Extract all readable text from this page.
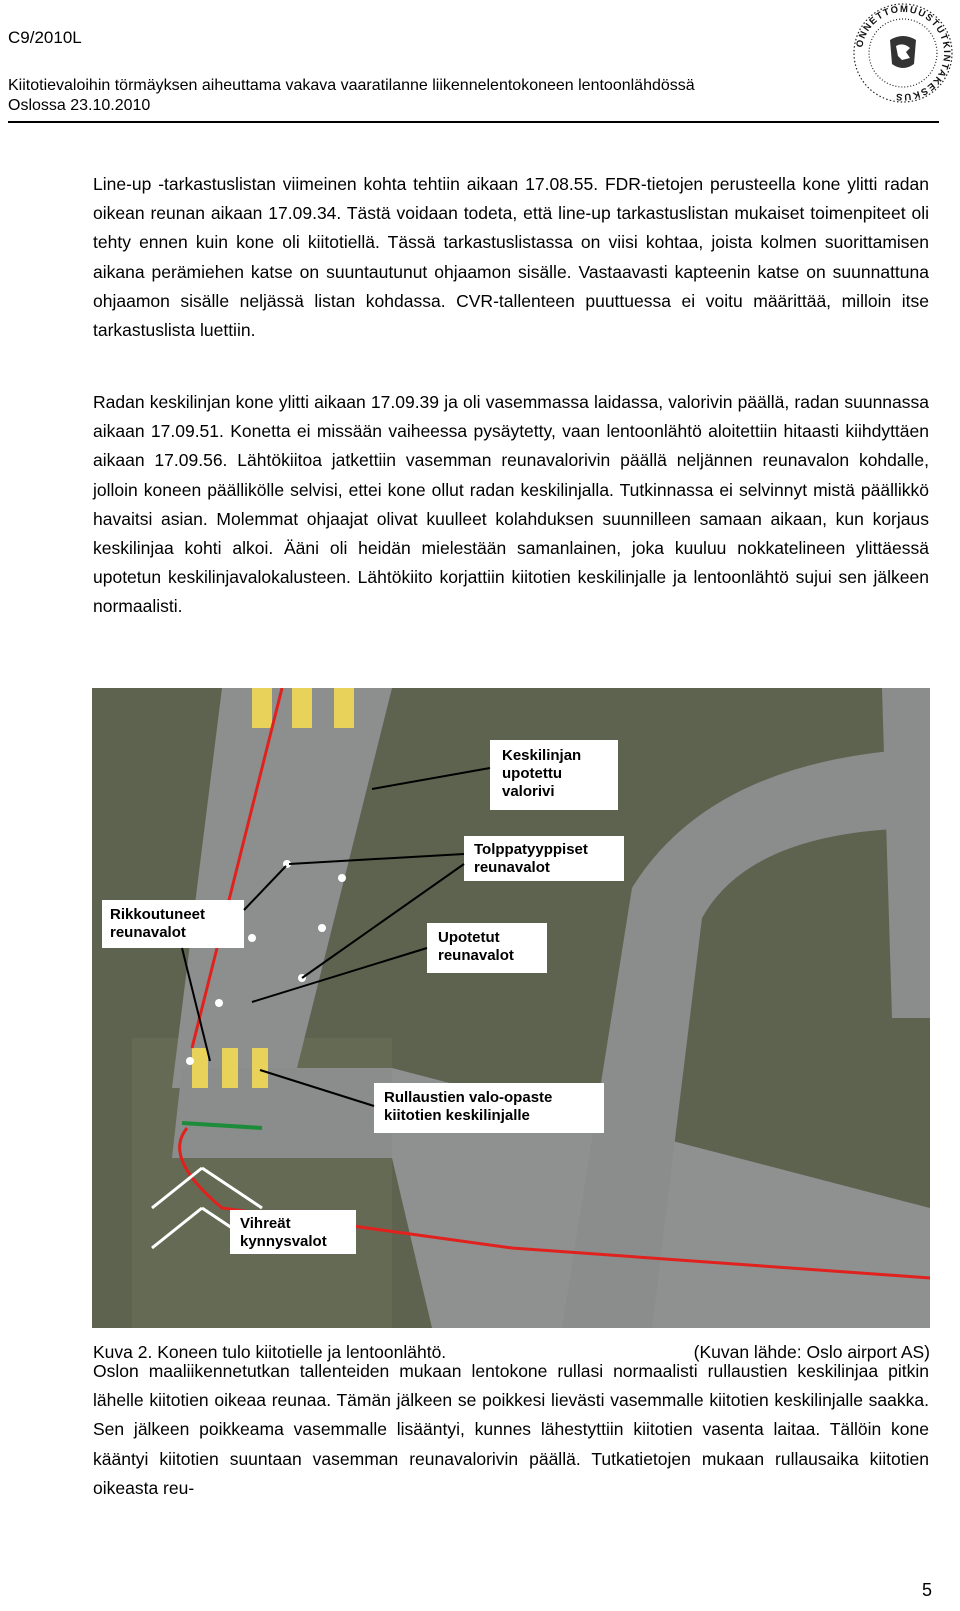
C9/2010L
Kiitotievaloihin törmäyksen aiheuttama vakava vaaratilanne liikennelentokoneen lentoonlähdössä
Oslossa 23.10.2010
ONNETTOMUUSTUTKINTAKESKUS

Line-up -tarkastuslistan viimeinen kohta tehtiin aikaan 17.08.55. FDR-tietojen perusteella kone ylitti radan oikean reunan aikaan 17.09.34. Tästä voidaan todeta, että line-up tarkastuslistan mukaiset toimenpiteet oli tehty ennen kuin kone oli kiitotiellä. Tässä tarkastuslistassa on viisi kohtaa, joista kolmen suorittamisen aikana perämiehen katse on suuntautunut ohjaamon sisälle. Vastaavasti kapteenin katse on suunnattuna ohjaamon sisälle neljässä listan kohdassa. CVR-tallenteen puuttuessa ei voitu määrittää, milloin itse tarkastuslista luettiin.

Radan keskilinjan kone ylitti aikaan 17.09.39 ja oli vasemmassa laidassa, valorivin päällä, radan suunnassa aikaan 17.09.51. Konetta ei missään vaiheessa pysäytetty, vaan lentoonlähtö aloitettiin hitaasti kiihdyttäen aikaan 17.09.56. Lähtökiitoa jatkettiin vasemman reunavalorivin päällä neljännen reunavalon kohdalle, jolloin koneen päällikölle selvisi, ettei kone ollut radan keskilinjalla. Tutkinnassa ei selvinnyt mistä päällikkö havaitsi asian. Molemmat ohjaajat olivat kuulleet kolahduksen suunnilleen samaan aikaan, kun korjaus keskilinjaa kohti alkoi. Ääni oli heidän mielestään samanlainen, joka kuuluu nokkatelineen ylittäessä upotetun keskilinjavalokalusteen. Lähtökiito korjattiin kiitotien keskilinjalle ja lentoonlähtö sujui sen jälkeen normaalisti.

Keskilinjan
upotettu
valorivi
Tolppatyyppiset
reunavalot
Rikkoutuneet
reunavalot	Upotetut
reunavalot
Rullaustien valo-opaste
kiitotien keskilinjalle
Vihreät
kynnysvalot
Kuva 2. Koneen tulo kiitotielle ja lentoonlähtö.	(Kuvan lähde: Oslo airport AS)

Oslon maaliikennetutkan tallenteiden mukaan lentokone rullasi normaalisti rullaustien keskilinjaa pitkin lähelle kiitotien oikeaa reunaa. Tämän jälkeen se poikkesi lievästi vasemmalle kiitotien keskilinjalle saakka. Sen jälkeen poikkeama vasemmalle lisääntyi, kunnes lähestyttiin kiitotien vasenta laitaa. Tällöin kone kääntyi kiitotien suuntaan vasemman reunavalorivin päällä. Tutkatietojen mukaan rullausaika kiitotien oikeasta reu-

5
